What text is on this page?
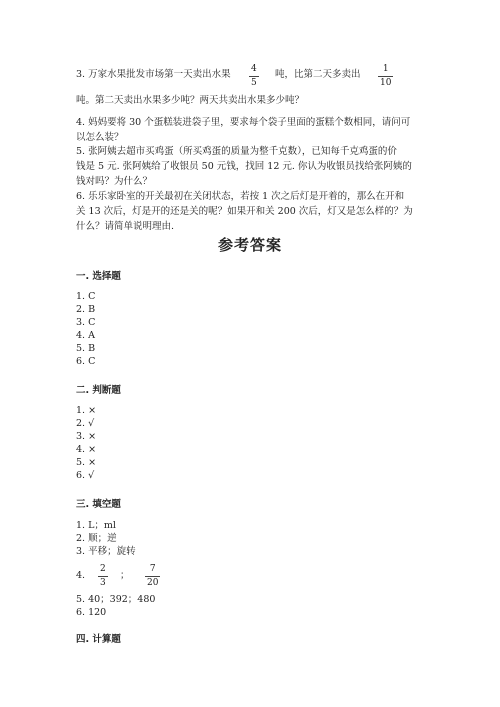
3. 万家水果批发市场第一天卖出水果 4
5
吨，比第二天多卖出 1
10
吨。第二天卖出水果多少吨？两天共卖出水果多少吨？
4. 妈妈要将 30 个蛋糕装进袋子里，要求每个袋子里面的蛋糕个数相同，请问可
以怎么装？
5. 张阿姨去超市买鸡蛋（所买鸡蛋的质量为整千克数），已知每千克鸡蛋的价
钱是 5 元. 张阿姨给了收银员 50 元钱，找回 12 元. 你认为收银员找给张阿姨的
钱对吗？为什么？
6. 乐乐家卧室的开关最初在关闭状态，若按 1 次之后灯是开着的，那么在开和
关 13 次后，灯是开的还是关的呢？如果开和关 200 次后，灯又是怎么样的？为
什么？请简单说明理由.
参考答案
一. 选择题
1. C
2. B
3. C
4. A
5. B
6. C
二. 判断题
1. ×
2. √
3. ×
4. ×
5. ×
6. √
三. 填空题
1. L；ml
2. 顺；逆
3. 平移；旋转
4.
2
3
；
7
20
5. 40；392；480
6. 120
四. 计算题
